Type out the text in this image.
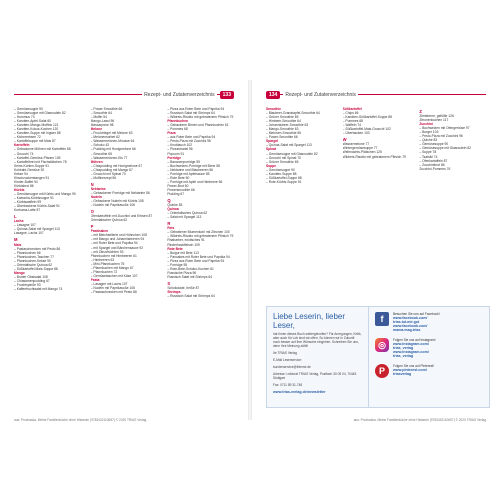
Rezept- und Zutatenverzeichnis	133
– Gemüsesuppe 90
– Gemüsesuppe mit Glasnudeln 82
– Hummus 74
– Karotten-Apfel-Salat 60
– Karotten-Mango-Muffins 121
– Karotten-Kokos-Kuchen 120
– Karotten-Suppe mit Ingwer 88
– Kichererbsen 72
– Kartoffelsuppe mit Mais 87
Kartoffeln
– Gebackene Möhren mit Kartoffeln 68
– Gnocchi 74
– Kartoffel-Gemüse-Pfanne 105
– Kartoffelbrei mit Fischstäbchen 78
Keine-Kohlen-Suppe 91
Kohlrabi-Gemüse 92
Kekse 94
Kirschzuckerstangen 91
Kinder-Buffet 94
Kürbisbrot 86
Kürbis
– Gemüsesuppe mit Kürbis und Mango 90
– Kabocha-Kürbissuppe 91
– Kürbiswaffeln 99
– Überbackene Kürbis-Salat 91
Kurkuma-Latte 87
L
Lachs
– Lasagne 107
– Quinoa-Salat mit Spargel 113
Lasagne, Lachs 107
M
Mais
– Pastaschnecken mit Pesto 86
– Pfannkuchen 66
– Pfannkuchen-Taschen 77
– Pfannkuchen-Kekse 90
– Orientalische Quinoa 62
– Süßkartoffel-Mais-Suppe 88
Mango
– Bunter Obstsalat 108
– Chiasamenpudding 67
– Fruchtspieße 93
– Kaffeefruchtsalat mit Mango 74
– Power Smoothie 66
– Smoothie 64
– Muffin 54
Mango-Lassi 96
Mascarpone 98
Melone
– Fruchtriegel mit Melone 63
– Melonensorbet 62
– Wassermelonen-Mousse 64
– Schoko 43
– Pudding mit Honigmelone 66
– Smoothie 65
– Wassermelonen-Eis 77
Möhren
– Chiapudding mit Honigmelone 67
– Chiapudding mit Mango 67
– Gnocchi mit Spinat 70
– Muffinrezept 56
N
Nektarine
– Gebackener Porridge mit Nektarine 56
Nudeln
– Gebackene Nudeln mit Kürbis 108
– Nudeln mit Paprikasoße 106
O
Ofenkartoffeln mit Zucchini und Erbsen 87
Orientalischer Quinoa 62
P
Pastinaken
– mit Bleichsellerie und Hühnchen 108
– mit Mango und Johannisbeeren 94
– mit Roter Bete und Paprika 94
– mit Spargel und Bärchensauce 92
– mit Zitrusfrüchten 93
Pfannkuchen mit Himbeeren 61
– Himbeeren 63
– Mini-Pfannkuchen 75
– Pfannkuchen mit Mango 67
– Pfannkuchen 72
– Gemüsetaschen mit Käse 107
Pasta
– Lasagne mit Lachs 107
– Nudeln mit Paprikasoße 106
– Pastaschnecken mit Pesto 86
– Pizza aus Roter Bete und Paprika 94
– Russisch Salat mit Shrimps 64
– Wildreis-Risotto mit gebratenem Pfirsich 79
Pfannkuchen
– Gebackene Birnen und Pfannkuchen 61
– Pommes 68
Pizza
– aus Roter Bete und Paprika 94
– Pesto-Pizza mit Zucchini 96
– Knoblauch 102
– Pizzastrudel 96
Popcorn 91
Porridge
– Bananenporridge 55
– Buchweizen-Porridge mit Birne 58
– Nektarine und Blaubeeren 56
– Porridge mit Apfelsauce 55
– Rote Bete 50
– Porridge mit Apfel und Himbeere 56
Power-Brot 60
Powersmoothie 66
Pudding 67
Q
Quiche 83
Quinoa
– Orientalisches Quinoa 62
– Salat mit Spargel 113
R
Reis
– Gebratener Blumenkohl mit Zitronen 100
– Wildreis-Risotto mit gebratenem Pfirsich 79
Rhabarber, exotisches 91
Rinderhackfleisch 109
Rote Bete
– Bulgur mit Bete 113
– Pancakes mit Roter Bete und Paprika 94
– Pizza aus Roter Bete und Paprika 94
– Porridge 55
– Rote-Bete-Schoko-Kuchen 61
Russische Pizza 96
Russisch Salat mit Shrimps 64
S
Schokolade, heiße 87
Shrimps
– Russisch Salat mit Shrimps 64
aus: Prochaska, Meine Familienküche ohne Histamin (9783432110657) © 2020 TRIAS Verlag
134	Rezept- und Zutatenverzeichnis
Smoothie
– Blaubeer-Granatapfel-Smoothie 64
– Grüner Smoothie 65
– Himbeer-Smoothie 64
– Johannisbeer-Smoothie 63
– Mango-Smoothie 63
– Melonen-Smoothie 65
– Power-Smoothie 66
Spargel
– Quinoa-Salat mit Spargel 113
Spinat
– Gemüsesuppe mit Glasnudeln 82
– Gnocchi mit Spinat 70
– Grüner Smoothie 65
Suppe
– Gemüsesuppe 90
– Karotten-Suppe 88
– Süßkartoffel-Suppe 88
– Rote-Kürbis-Suppe 91
Süßkartoffel
– Chips 66
– Karotten-Süßkartoffel-Suppe 88
– Pommes 68
– Waffeln 74
– Süßkartoffel-Mais-Gnocchi 102
– Überbacken 103
W
Wassermelone 77
Wintergemüsesuppe 77
Weihnachts-Plätzchen 125
Wildreis-Risotto mit gebratenem Pfirsich 79
Z
Zimtsterne, gefüllte 126
Zitronenkuchen 117
Zucchini
– Buchweizen mit Ofengemüse 97
– Burger 103
– Pesto-Pizza mit Zucchini 96
– Quiche 83
– Gemüsesuppe 90
– Gemüsesuppe mit Glasnudeln 82
– Suppe 78
– Tsatsiki 74
– Ofenkartoffeln 87
– Zucchinibrot 86
Zucchini-Pommes 76
Liebe Leserin, lieber Leser,
hat Ihnen dieses Buch weitergeholfen? Für Anregungen, Kritik, aber auch für Lob sind wir offen. So können wir in Zukunft noch besser auf Ihre Wünsche eingehen. Schreiben Sie uns, denn Ihre Meinung zählt!
Ihr TRIAS Verlag
E-Mail Leserservice:
kundenservice@thieme.de
Adresse: Lektorat TRIAS Verlag, Postfach 30 05 04, 70445 Stuttgart
Fax: 0711 89 31-748
www.trias-verlag.de/newsletter
f	Besuchen Sie uns auf Facebook!
www.facebook.com/
trias.tut.mir.gut
www.facebook.com/
mama.mag.trias
◎	Folgen Sie uns auf Instagram!
www.instagram.com/
trias_verlag
www.instagram.com/
trias_verlag
P	Folgen Sie uns auf Pinterest!
www.pinterest.com/
triasverlag
aus: Prochaska, Meine Familienküche ohne Histamin (9783432110657) © 2020 TRIAS Verlag
